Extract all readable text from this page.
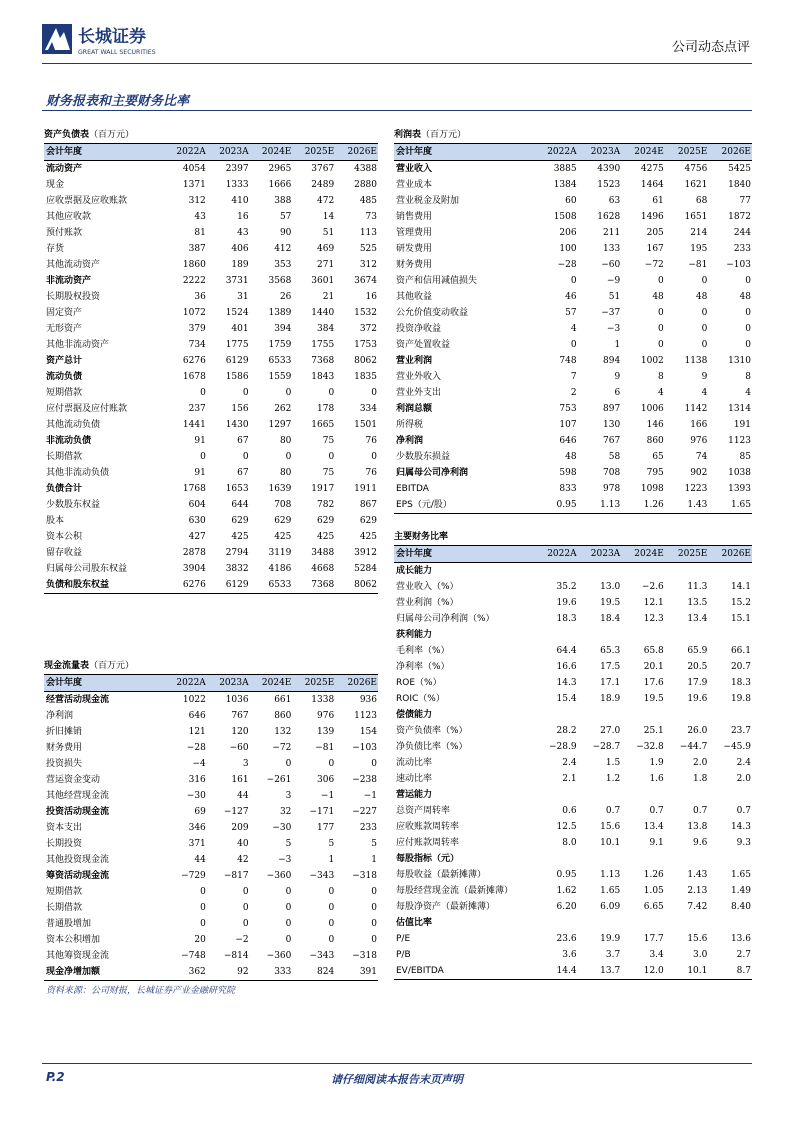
长城证券
GREAT WALL SECURITIES	公司动态点评
财务报表和主要财务比率
资产负债表（百万元）					
会计年度	2022A	2023A	2024E	2025E	2026E
流动资产	4054	2397	2965	3767	4388
现金	1371	1333	1666	2489	2880
应收票据及应收账款	312	410	388	472	485
其他应收款	43	16	57	14	73
预付账款	81	43	90	51	113
存货	387	406	412	469	525
其他流动资产	1860	189	353	271	312
非流动资产	2222	3731	3568	3601	3674
长期股权投资	36	31	26	21	16
固定资产	1072	1524	1389	1440	1532
无形资产	379	401	394	384	372
其他非流动资产	734	1775	1759	1755	1753
资产总计	6276	6129	6533	7368	8062
流动负债	1678	1586	1559	1843	1835
短期借款	0	0	0	0	0
应付票据及应付账款	237	156	262	178	334
其他流动负债	1441	1430	1297	1665	1501
非流动负债	91	67	80	75	76
长期借款	0	0	0	0	0
其他非流动负债	91	67	80	75	76
负债合计	1768	1653	1639	1917	1911
少数股东权益	604	644	708	782	867
股本	630	629	629	629	629
资本公积	427	425	425	425	425
留存收益	2878	2794	3119	3488	3912
归属母公司股东权益	3904	3832	4186	4668	5284
负债和股东权益	6276	6129	6533	7368	8062
现金流量表（百万元）					
会计年度	2022A	2023A	2024E	2025E	2026E
经营活动现金流	1022	1036	661	1338	936
净利润	646	767	860	976	1123
折旧摊销	121	120	132	139	154
财务费用	−28	−60	−72	−81	−103
投资损失	−4	3	0	0	0
营运资金变动	316	161	−261	306	−238
其他经营现金流	−30	44	3	−1	−1
投资活动现金流	69	−127	32	−171	−227
资本支出	346	209	−30	177	233
长期投资	371	40	5	5	5
其他投资现金流	44	42	−3	1	1
筹资活动现金流	−729	−817	−360	−343	−318
短期借款	0	0	0	0	0
长期借款	0	0	0	0	0
普通股增加	0	0	0	0	0
资本公积增加	20	−2	0	0	0
其他筹资现金流	−748	−814	−360	−343	−318
现金净增加额	362	92	333	824	391
利润表（百万元）					
会计年度	2022A	2023A	2024E	2025E	2026E
营业收入	3885	4390	4275	4756	5425
营业成本	1384	1523	1464	1621	1840
营业税金及附加	60	63	61	68	77
销售费用	1508	1628	1496	1651	1872
管理费用	206	211	205	214	244
研发费用	100	133	167	195	233
财务费用	−28	−60	−72	−81	−103
资产和信用减值损失	0	−9	0	0	0
其他收益	46	51	48	48	48
公允价值变动收益	57	−37	0	0	0
投资净收益	4	−3	0	0	0
资产处置收益	0	1	0	0	0
营业利润	748	894	1002	1138	1310
营业外收入	7	9	8	9	8
营业外支出	2	6	4	4	4
利润总额	753	897	1006	1142	1314
所得税	107	130	146	166	191
净利润	646	767	860	976	1123
少数股东损益	48	58	65	74	85
归属母公司净利润	598	708	795	902	1038
EBITDA	833	978	1098	1223	1393
EPS（元/股）	0.95	1.13	1.26	1.43	1.65
主要财务比率					
会计年度	2022A	2023A	2024E	2025E	2026E
成长能力					
营业收入（%）	35.2	13.0	−2.6	11.3	14.1
营业利润（%）	19.6	19.5	12.1	13.5	15.2
归属母公司净利润（%）	18.3	18.4	12.3	13.4	15.1
获利能力					
毛利率（%）	64.4	65.3	65.8	65.9	66.1
净利率（%）	16.6	17.5	20.1	20.5	20.7
ROE（%）	14.3	17.1	17.6	17.9	18.3
ROIC（%）	15.4	18.9	19.5	19.6	19.8
偿债能力					
资产负债率（%）	28.2	27.0	25.1	26.0	23.7
净负债比率（%）	−28.9	−28.7	−32.8	−44.7	−45.9
流动比率	2.4	1.5	1.9	2.0	2.4
速动比率	2.1	1.2	1.6	1.8	2.0
营运能力					
总资产周转率	0.6	0.7	0.7	0.7	0.7
应收账款周转率	12.5	15.6	13.4	13.8	14.3
应付账款周转率	8.0	10.1	9.1	9.6	9.3
每股指标（元）					
每股收益（最新摊薄）	0.95	1.13	1.26	1.43	1.65
每股经营现金流（最新摊薄）	1.62	1.65	1.05	2.13	1.49
每股净资产（最新摊薄）	6.20	6.09	6.65	7.42	8.40
估值比率					
P/E	23.6	19.9	17.7	15.6	13.6
P/B	3.6	3.7	3.4	3.0	2.7
EV/EBITDA	14.4	13.7	12.0	10.1	8.7
资料来源：公司财报，长城证券产业金融研究院
P.2	请仔细阅读本报告末页声明
